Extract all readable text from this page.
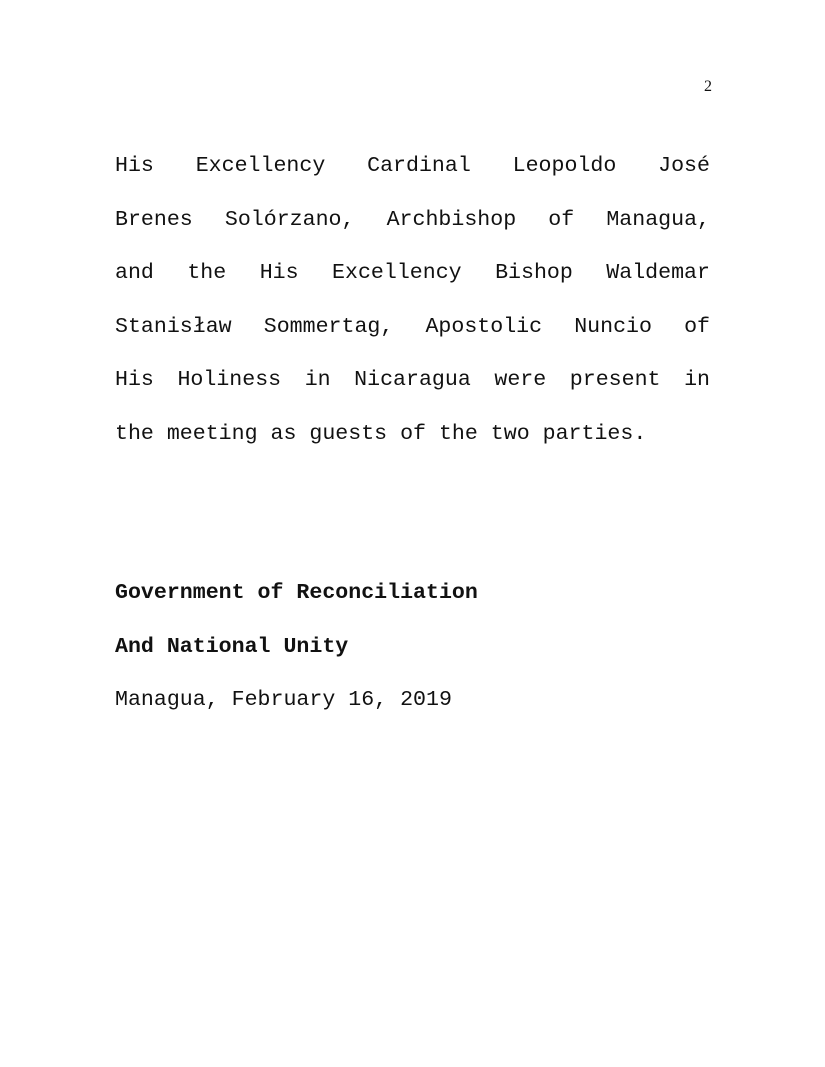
2
His Excellency Cardinal Leopoldo José
Brenes Solórzano, Archbishop of Managua,
and the His Excellency Bishop Waldemar
Stanisław Sommertag, Apostolic Nuncio of
His Holiness in Nicaragua were present in
the meeting as guests of the two parties.
Government of Reconciliation
And National Unity
Managua, February 16, 2019
